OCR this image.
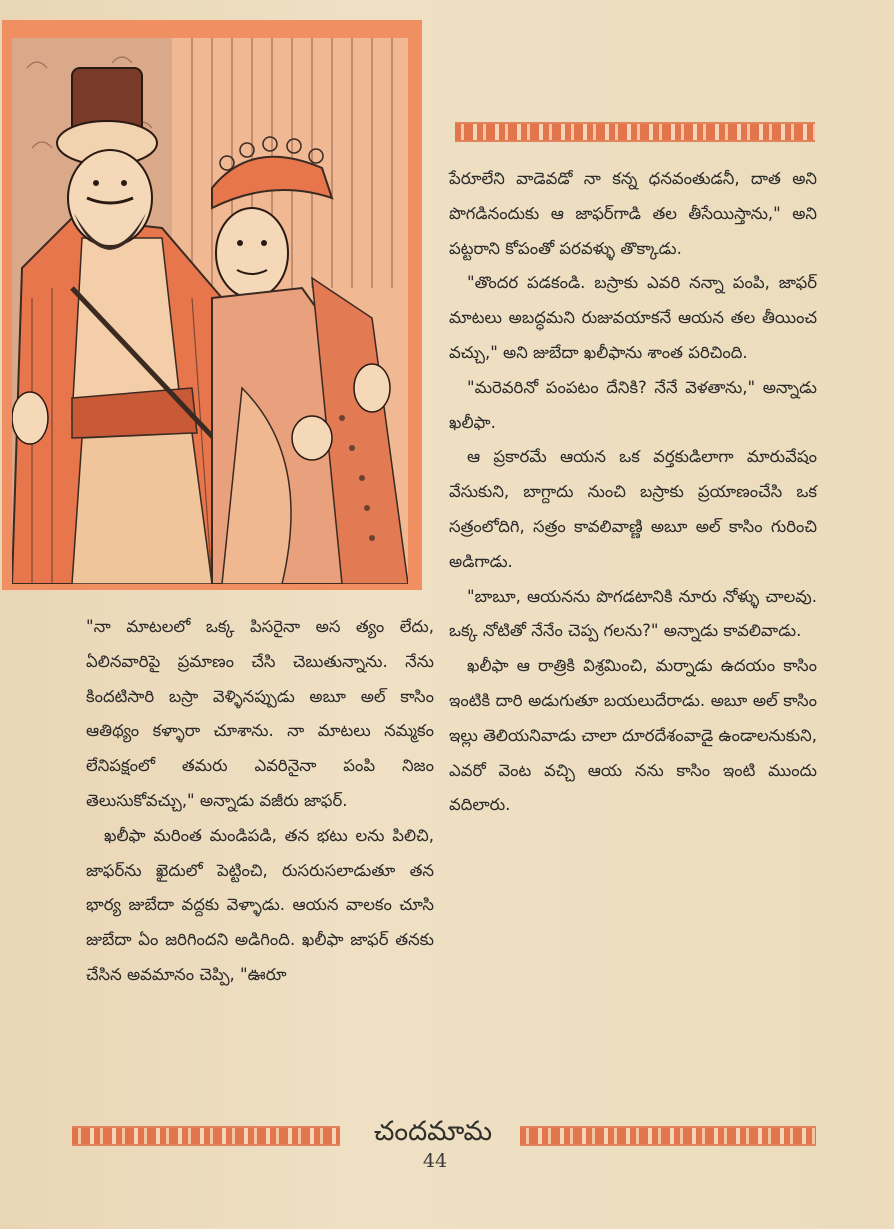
"నా మాటలలో ఒక్క పిసరైనా అస త్యం లేదు, ఏలినవారిపై ప్రమాణం చేసి చెబుతున్నాను. నేను కిందటిసారి బస్రా వెళ్ళినప్పుడు అబూ అల్ కాసిం ఆతిథ్యం కళ్ళారా చూశాను. నా మాటలు నమ్మకం లేనిపక్షంలో తమరు ఎవరినైనా పంపి నిజం తెలుసుకోవచ్చు," అన్నాడు వజీరు జాఫర్.

ఖలీఫా మరింత మండిపడి, తన భటు లను పిలిచి, జాఫర్‌ను ఖైదులో పెట్టించి, రుసరుసలాడుతూ తన భార్య జుబేదా వద్దకు వెళ్ళాడు. ఆయన వాలకం చూసి జుబేదా ఏం జరిగిందని అడిగింది. ఖలీఫా జాఫర్ తనకు చేసిన అవమానం చెప్పి, "ఊరూ

పేరూలేని వాడెవడో నా కన్న ధనవంతుడనీ, దాత అని పొగడినందుకు ఆ జాఫర్‌గాడి తల తీసేయిస్తాను," అని పట్టరాని కోపంతో పరవళ్ళు తొక్కాడు.

"తొందర పడకండి. బస్రాకు ఎవరి నన్నా పంపి, జాఫర్ మాటలు అబద్ధమని రుజువయాకనే ఆయన తల తీయించ వచ్చు," అని జుబేదా ఖలీఫాను శాంత పరిచింది.

"మరెవరినో పంపటం దేనికి? నేనే వెళతాను," అన్నాడు ఖలీఫా.

ఆ ప్రకారమే ఆయన ఒక వర్తకుడిలాగా మారువేషం వేసుకుని, బాగ్దాదు నుంచి బస్రాకు ప్రయాణంచేసి ఒక సత్రంలోదిగి, సత్రం కావలివాణ్ణి అబూ అల్ కాసిం గురించి అడిగాడు.

"బాబూ, ఆయనను పొగడటానికి నూరు నోళ్ళు చాలవు. ఒక్క నోటితో నేనేం చెప్ప గలను?" అన్నాడు కావలివాడు.

ఖలీఫా ఆ రాత్రికి విశ్రమించి, మర్నాడు ఉదయం కాసిం ఇంటికి దారి అడుగుతూ బయలుదేరాడు. అబూ అల్ కాసిం ఇల్లు తెలియనివాడు చాలా దూరదేశంవాడై ఉండాలనుకుని, ఎవరో వెంట వచ్చి ఆయ నను కాసిం ఇంటి ముందు వదిలారు.

చందమామ
44
